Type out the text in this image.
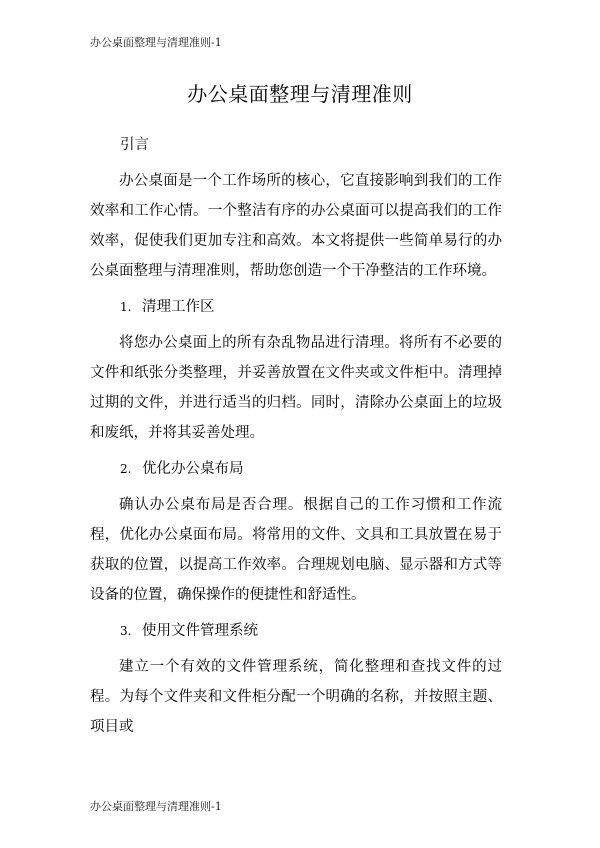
办公桌面整理与清理准则-1
办公桌面整理与清理准则
引言

办公桌面是一个工作场所的核心，它直接影响到我们的工作效率和工作心情。一个整洁有序的办公桌面可以提高我们的工作效率，促使我们更加专注和高效。本文将提供一些简单易行的办公桌面整理与清理准则，帮助您创造一个干净整洁的工作环境。

1. 清理工作区

将您办公桌面上的所有杂乱物品进行清理。将所有不必要的文件和纸张分类整理，并妥善放置在文件夹或文件柜中。清理掉过期的文件，并进行适当的归档。同时，清除办公桌面上的垃圾和废纸，并将其妥善处理。

2. 优化办公桌布局

确认办公桌布局是否合理。根据自己的工作习惯和工作流程，优化办公桌面布局。将常用的文件、文具和工具放置在易于获取的位置，以提高工作效率。合理规划电脑、显示器和方式等设备的位置，确保操作的便捷性和舒适性。

3. 使用文件管理系统

建立一个有效的文件管理系统，简化整理和查找文件的过程。为每个文件夹和文件柜分配一个明确的名称，并按照主题、项目或

办公桌面整理与清理准则-1
